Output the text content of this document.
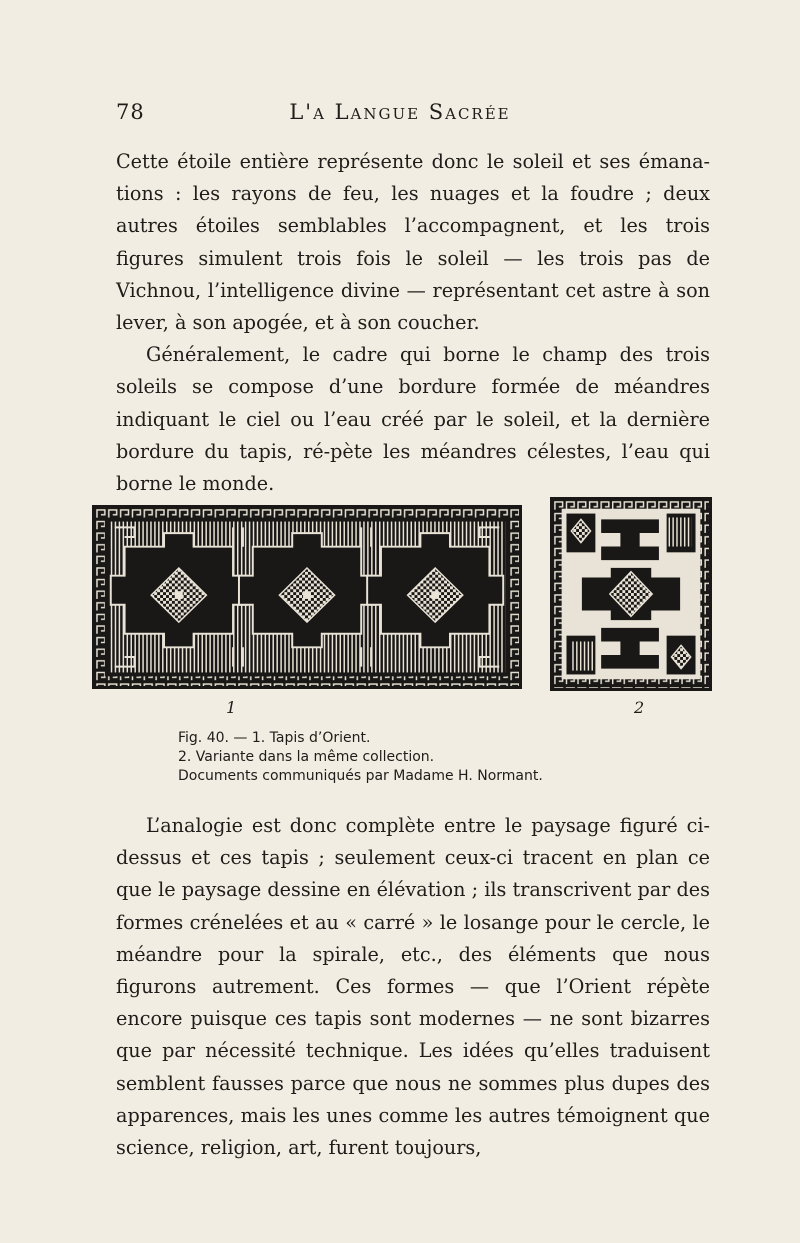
78	L'a Langue Sacrée

Cette étoile entière représente donc le soleil et ses émana-tions : les rayons de feu, les nuages et la foudre ; deux autres étoiles semblables l’accompagnent, et les trois figures simulent trois fois le soleil — les trois pas de Vichnou, l’intelligence divine — représentant cet astre à son lever, à son apogée, et à son coucher.

Généralement, le cadre qui borne le champ des trois soleils se compose d’une bordure formée de méandres indiquant le ciel ou l’eau créé par le soleil, et la dernière bordure du tapis, ré-pète les méandres célestes, l’eau qui borne le monde.

1	2
Fig. 40. — 1. Tapis d’Orient.
2. Variante dans la même collection.
Documents communiqués par Madame H. Normant.

L’analogie est donc complète entre le paysage figuré ci-dessus et ces tapis ; seulement ceux-ci tracent en plan ce que le paysage dessine en élévation ; ils transcrivent par des formes crénelées et au « carré » le losange pour le cercle, le méandre pour la spirale, etc., des éléments que nous figurons autrement. Ces formes — que l’Orient répète encore puisque ces tapis sont modernes — ne sont bizarres que par nécessité technique. Les idées qu’elles traduisent semblent fausses parce que nous ne sommes plus dupes des apparences, mais les unes comme les autres témoignent que science, religion, art, furent toujours,
